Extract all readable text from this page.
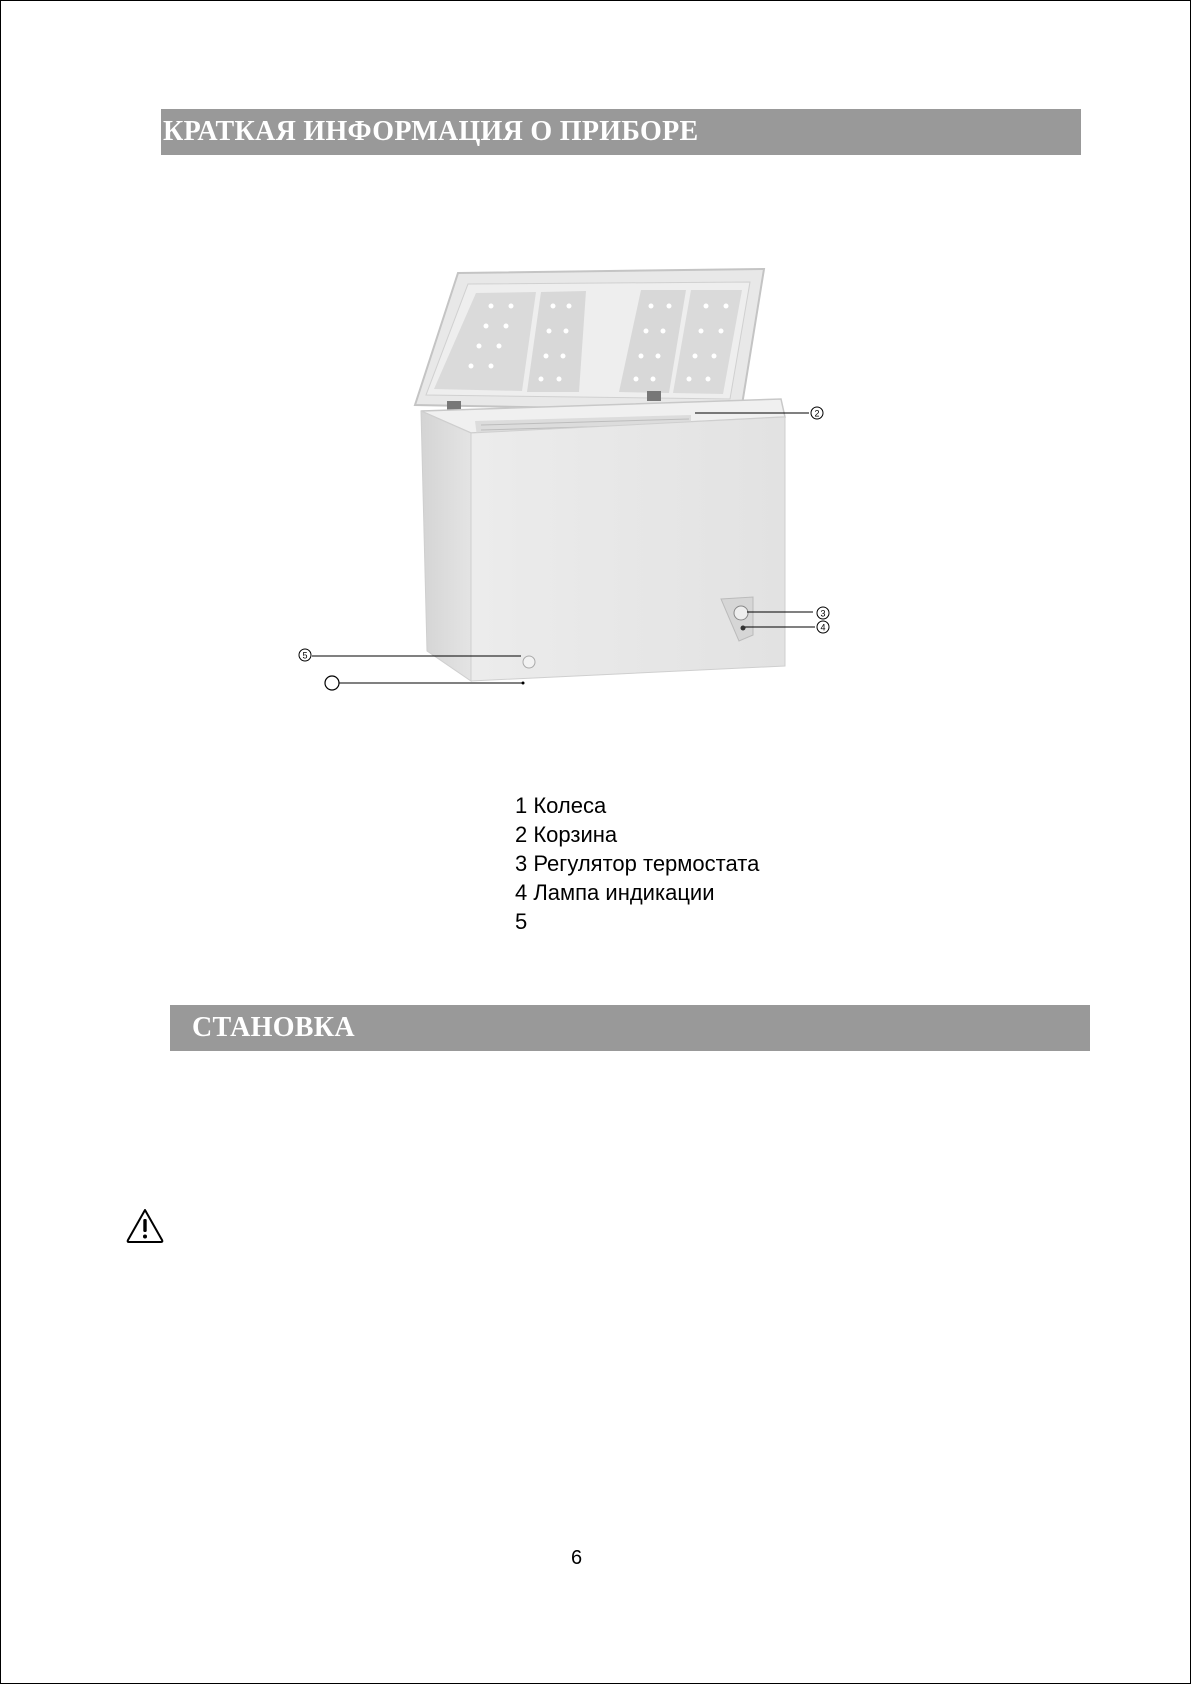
КРАТКАЯ ИНФОРМАЦИЯ О ПРИБОРЕ
2
3
4
5
1 Колеса
2 Корзина
3 Регулятор термостата
4 Лампа индикации
5
СТАНОВКА
6
